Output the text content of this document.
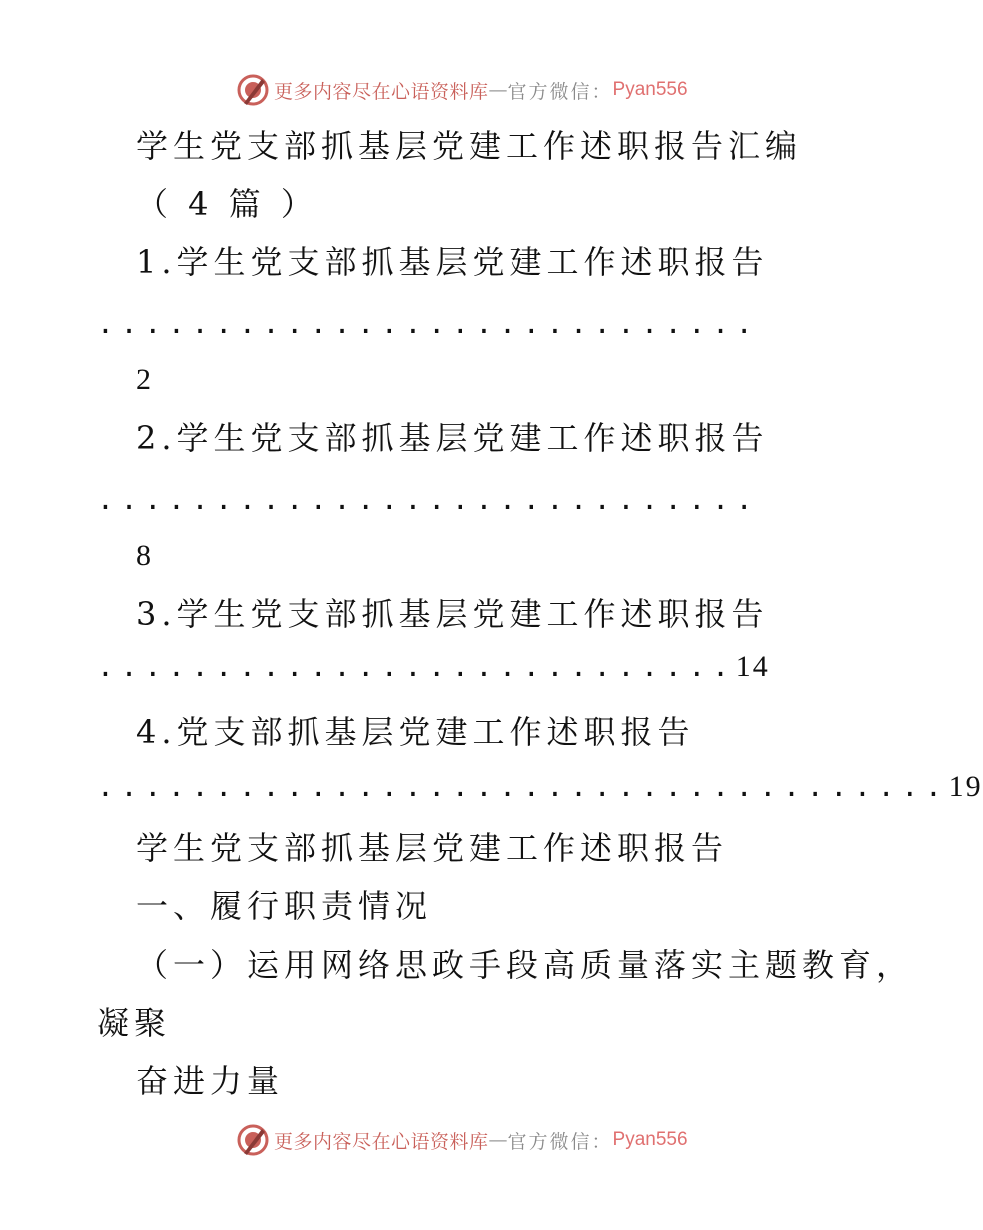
更多内容尽在心语资料库 — 官方微信： Pyan556
学生党支部抓基层党建工作述职报告汇编
（ 4 篇 ）
1.学生党支部抓基层党建工作述职报告
............................
2
2.学生党支部抓基层党建工作述职报告
............................
8
3.学生党支部抓基层党建工作述职报告
...........................14
4.党支部抓基层党建工作述职报告
....................................19
学生党支部抓基层党建工作述职报告
一、履行职责情况
（一）运用网络思政手段高质量落实主题教育，
凝聚
奋进力量
更多内容尽在心语资料库 — 官方微信： Pyan556
